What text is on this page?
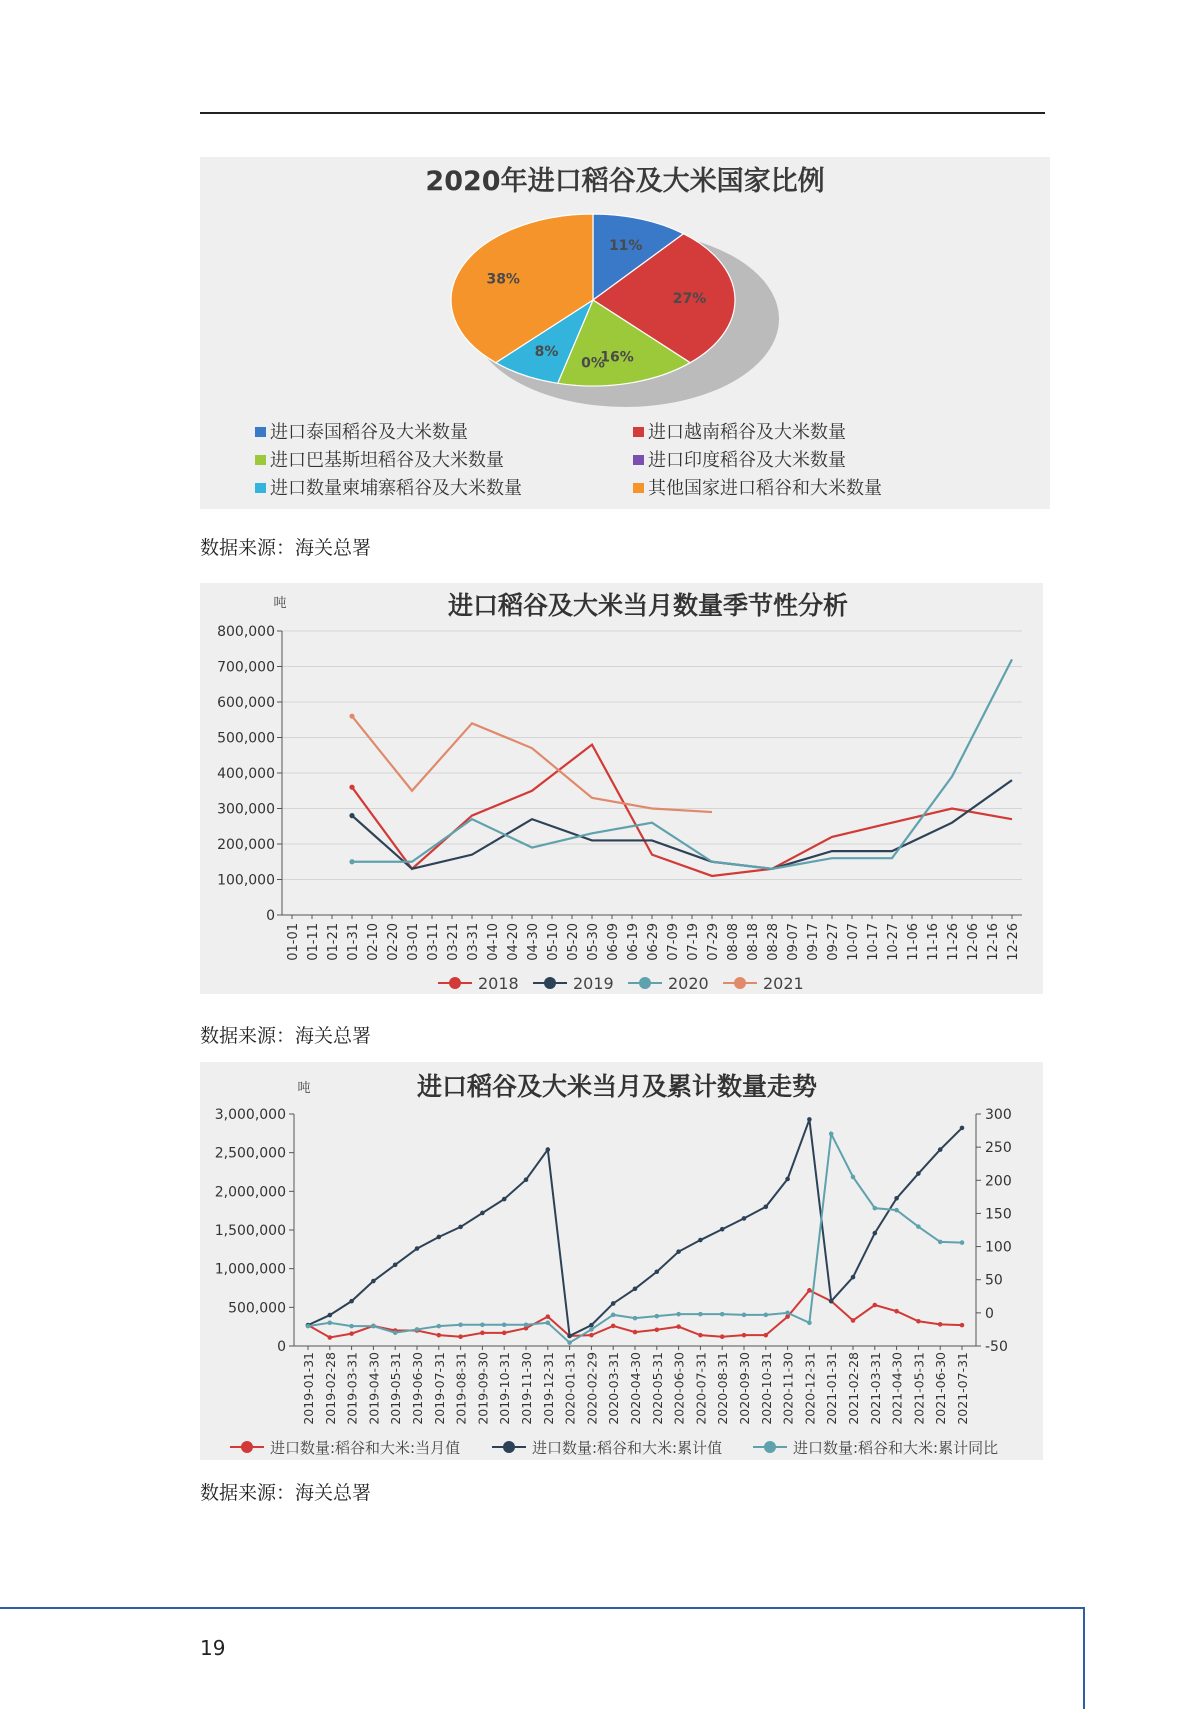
2020年进口稻谷及大米国家比例
11%
27%
16%
0%
8%
38%
进口泰国稻谷及大米数量	进口越南稻谷及大米数量
进口巴基斯坦稻谷及大米数量	进口印度稻谷及大米数量
进口数量柬埔寨稻谷及大米数量	其他国家进口稻谷和大米数量
数据来源：海关总署
进口稻谷及大米当月数量季节性分析
吨
0
100,000
200,000
300,000
400,000
500,000
600,000
700,000
800,000
01-01 01-11 01-21 01-31 02-10 02-20 03-01 03-11 03-21 03-31 04-10 04-20 04-30 05-10 05-20 05-30 06-09 06-19 06-29 07-09 07-19 07-29 08-08 08-18 08-28 09-07 09-17 09-27 10-07 10-17 10-27 11-06 11-16 11-26 12-06 12-16 12-26
2018	2019	2020	2021
数据来源：海关总署
进口稻谷及大米当月及累计数量走势
吨
0
500,000
1,000,000
1,500,000
2,000,000
2,500,000
3,000,000
-50
0
50
100
150
200
250
300
2019-01-31 2019-02-28 2019-03-31 2019-04-30 2019-05-31 2019-06-30 2019-07-31 2019-08-31 2019-09-30 2019-10-31 2019-11-30 2019-12-31 2020-01-31 2020-02-29 2020-03-31 2020-04-30 2020-05-31 2020-06-30 2020-07-31 2020-08-31 2020-09-30 2020-10-31 2020-11-30 2020-12-31 2021-01-31 2021-02-28 2021-03-31 2021-04-30 2021-05-31 2021-06-30 2021-07-31
进口数量:稻谷和大米:当月值	进口数量:稻谷和大米:累计值	进口数量:稻谷和大米:累计同比
数据来源：海关总署
19
